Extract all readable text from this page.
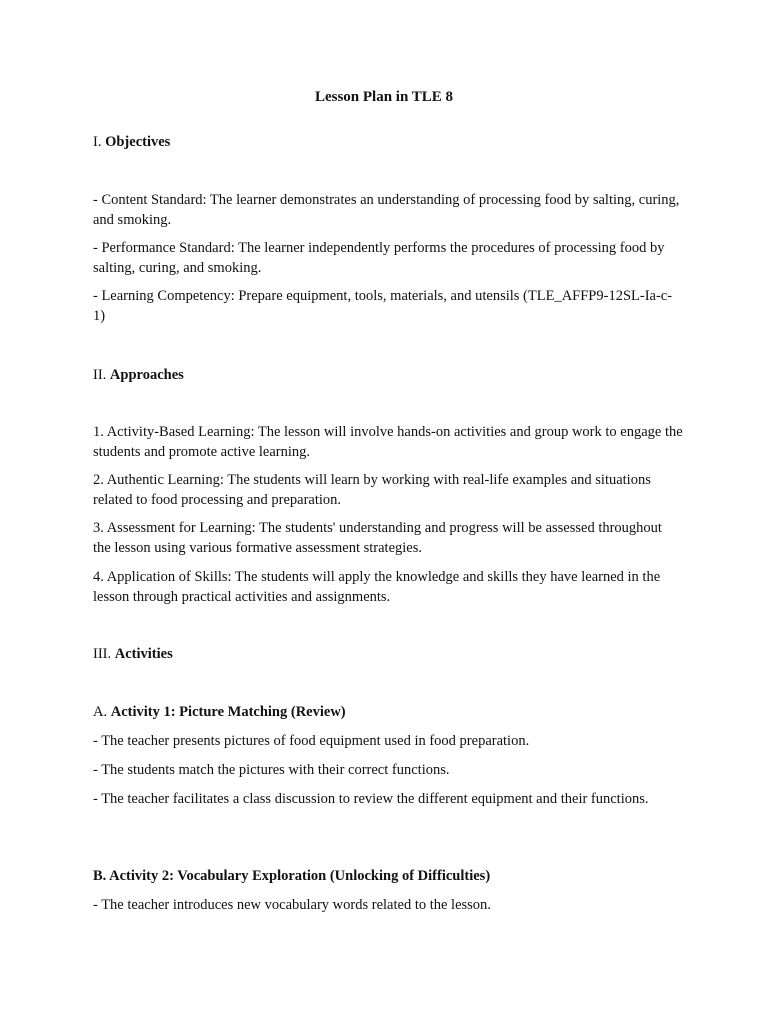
Lesson Plan in TLE 8
I. Objectives
- Content Standard: The learner demonstrates an understanding of processing food by salting, curing, and smoking.
- Performance Standard: The learner independently performs the procedures of processing food by salting, curing, and smoking.
- Learning Competency: Prepare equipment, tools, materials, and utensils (TLE_AFFP9-12SL-Ia-c-1)
II. Approaches
1. Activity-Based Learning: The lesson will involve hands-on activities and group work to engage the students and promote active learning.
2. Authentic Learning: The students will learn by working with real-life examples and situations related to food processing and preparation.
3. Assessment for Learning: The students' understanding and progress will be assessed throughout the lesson using various formative assessment strategies.
4. Application of Skills: The students will apply the knowledge and skills they have learned in the lesson through practical activities and assignments.
III. Activities
A. Activity 1: Picture Matching (Review)
- The teacher presents pictures of food equipment used in food preparation.
- The students match the pictures with their correct functions.
- The teacher facilitates a class discussion to review the different equipment and their functions.
B. Activity 2: Vocabulary Exploration (Unlocking of Difficulties)
- The teacher introduces new vocabulary words related to the lesson.
